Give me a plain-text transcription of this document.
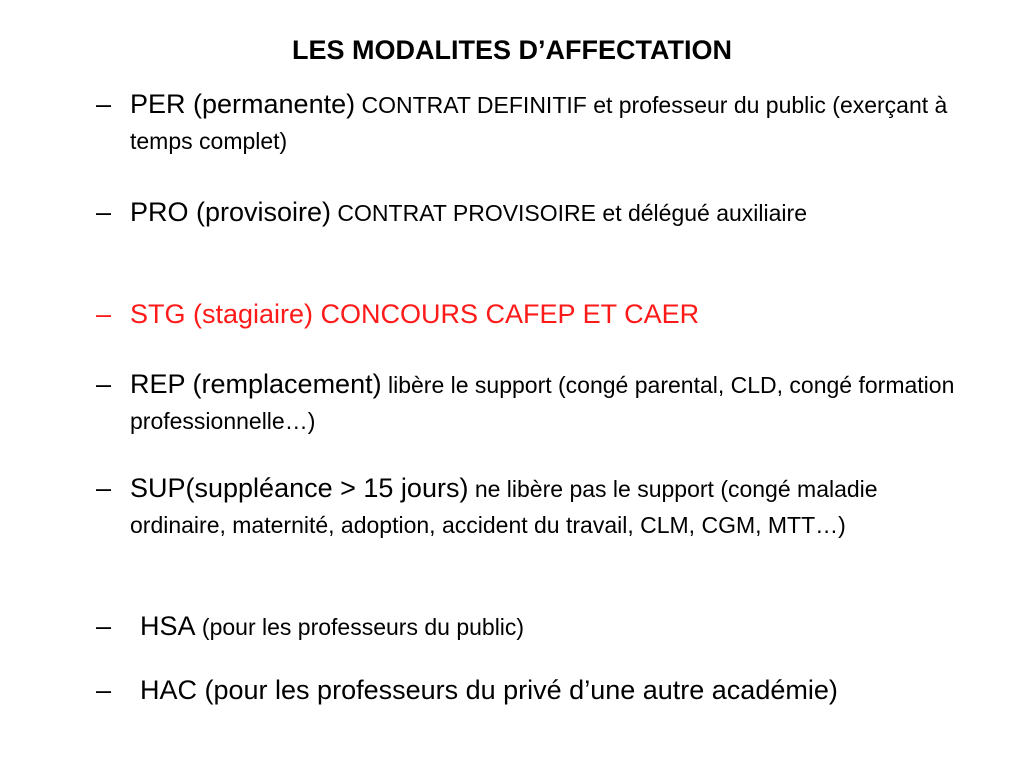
LES MODALITES D’AFFECTATION
– PER (permanente) CONTRAT DEFINITIF et professeur du public (exerçant à temps complet)
– PRO (provisoire) CONTRAT PROVISOIRE et délégué auxiliaire
– STG (stagiaire) CONCOURS CAFEP ET CAER
– REP (remplacement) libère le support (congé parental, CLD, congé formation professionnelle…)
– SUP(suppléance > 15 jours) ne libère pas le support (congé maladie ordinaire, maternité, adoption, accident du travail, CLM, CGM, MTT…)
–	HSA (pour les professeurs du public)
–	HAC (pour les professeurs du privé d’une autre académie)
